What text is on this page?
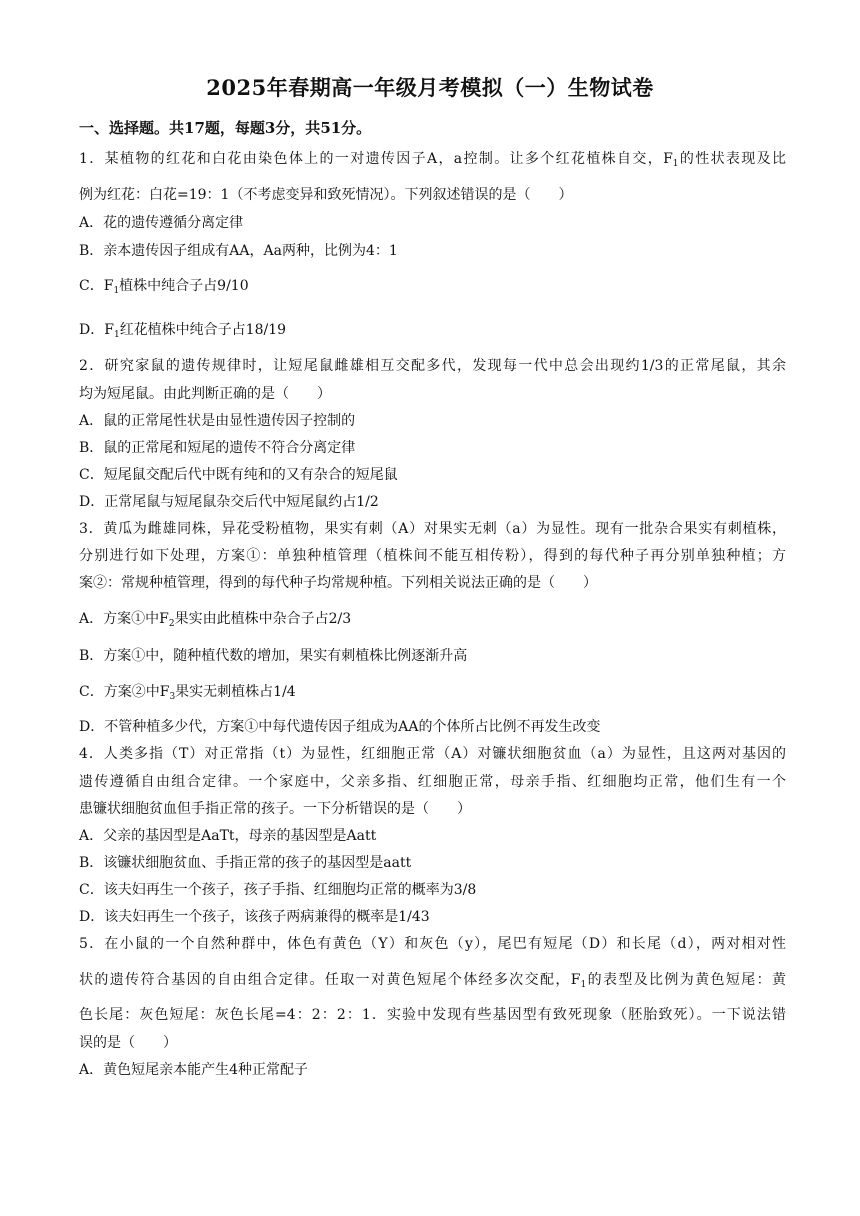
2025年春期高一年级月考模拟（一）生物试卷
一、选择题。共17题，每题3分，共51分。
1．某植物的红花和白花由染色体上的一对遗传因子A，a控制。让多个红花植株自交，$F_1$的性状表现及比
例为红花：白花=19：1（不考虑变异和致死情况）。下列叙述错误的是（　　）
A．花的遗传遵循分离定律
B．亲本遗传因子组成有AA，Aa两种，比例为4：1
C．$F_1$植株中纯合子占9/10
D．$F_1$红花植株中纯合子占18/19
2．研究家鼠的遗传规律时，让短尾鼠雌雄相互交配多代，发现每一代中总会出现约1/3的正常尾鼠，其余
均为短尾鼠。由此判断正确的是（　　）
A．鼠的正常尾性状是由显性遗传因子控制的
B．鼠的正常尾和短尾的遗传不符合分离定律
C．短尾鼠交配后代中既有纯和的又有杂合的短尾鼠
D．正常尾鼠与短尾鼠杂交后代中短尾鼠约占1/2
3．黄瓜为雌雄同株，异花受粉植物，果实有刺（A）对果实无刺（a）为显性。现有一批杂合果实有刺植株，
分别进行如下处理，方案①：单独种植管理（植株间不能互相传粉），得到的每代种子再分别单独种植；方
案②：常规种植管理，得到的每代种子均常规种植。下列相关说法正确的是（　　）
A．方案①中$F_2$果实由此植株中杂合子占2/3
B．方案①中，随种植代数的增加，果实有刺植株比例逐渐升高
C．方案②中$F_3$果实无刺植株占1/4
D．不管种植多少代，方案①中每代遗传因子组成为AA的个体所占比例不再发生改变
4．人类多指（T）对正常指（t）为显性，红细胞正常（A）对镰状细胞贫血（a）为显性，且这两对基因的
遗传遵循自由组合定律。一个家庭中，父亲多指、红细胞正常，母亲手指、红细胞均正常，他们生有一个
患镰状细胞贫血但手指正常的孩子。一下分析错误的是（　　）
A．父亲的基因型是AaTt，母亲的基因型是Aatt
B．该镰状细胞贫血、手指正常的孩子的基因型是aatt
C．该夫妇再生一个孩子，孩子手指、红细胞均正常的概率为3/8
D．该夫妇再生一个孩子，该孩子两病兼得的概率是1/43
5．在小鼠的一个自然种群中，体色有黄色（Y）和灰色（y），尾巴有短尾（D）和长尾（d），两对相对性
状的遗传符合基因的自由组合定律。任取一对黄色短尾个体经多次交配，$F_1$的表型及比例为黄色短尾：黄
色长尾：灰色短尾：灰色长尾=4：2：2：1．实验中发现有些基因型有致死现象（胚胎致死）。一下说法错
误的是（　　）
A．黄色短尾亲本能产生4种正常配子
